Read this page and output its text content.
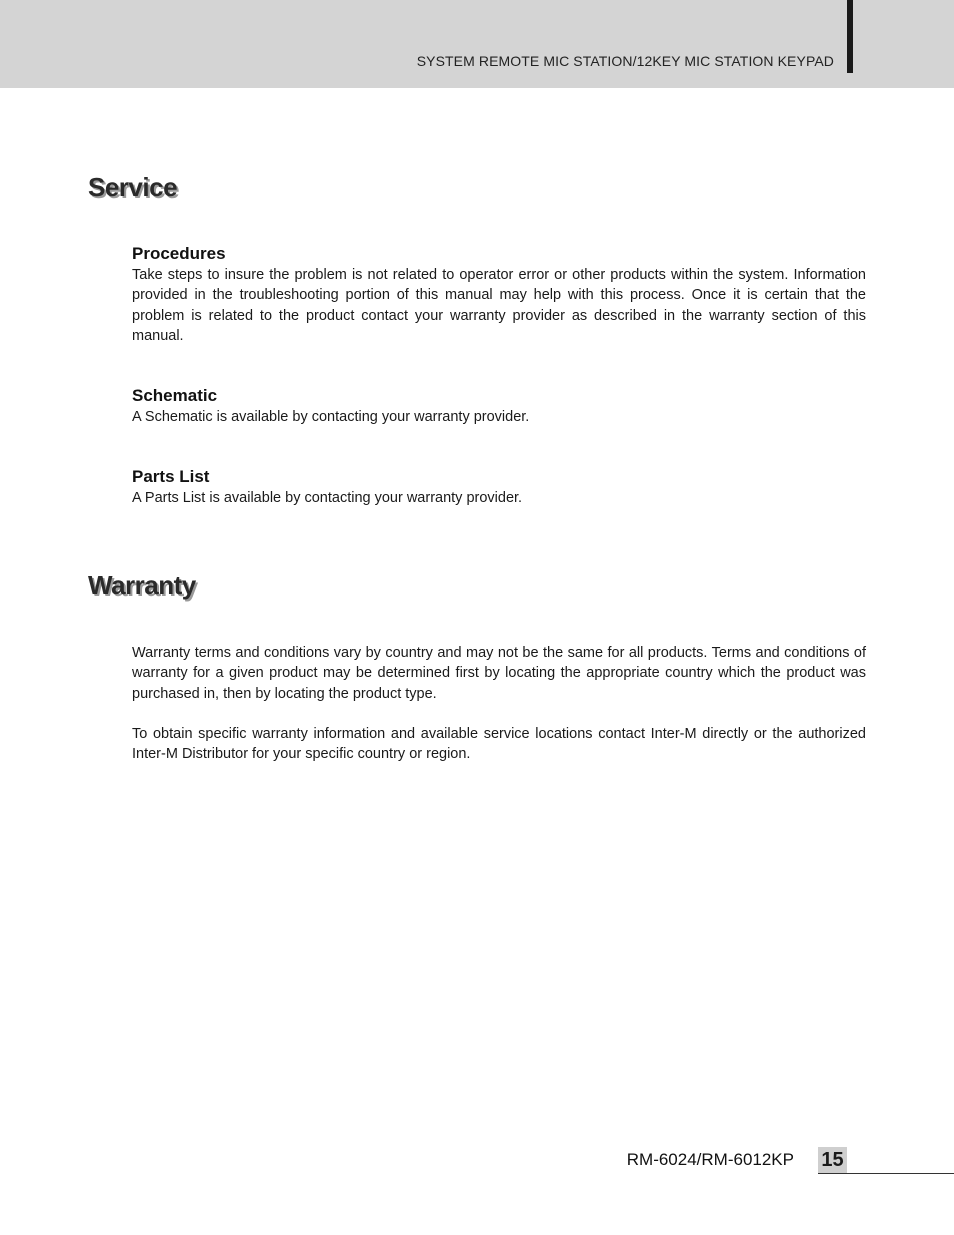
SYSTEM REMOTE MIC STATION/12KEY MIC STATION KEYPAD
Service
Procedures

Take steps to insure the problem is not related to operator error or other products within the system. Information provided in the troubleshooting portion of this manual may help with this process. Once it is certain that the problem is related to the product contact your warranty provider as described in the warranty section of this manual.

Schematic

A Schematic is available by contacting your warranty provider.

Parts List

A Parts List is available by contacting your warranty provider.

Warranty

Warranty terms and conditions vary by country and may not be the same for all products. Terms and conditions of warranty for a given product may be determined first by locating the appropriate country which the product was purchased in, then by locating the product type.

To obtain specific warranty information and available service locations contact Inter-M directly or the authorized Inter-M Distributor for your specific country or region.

RM-6024/RM-6012KP 15
